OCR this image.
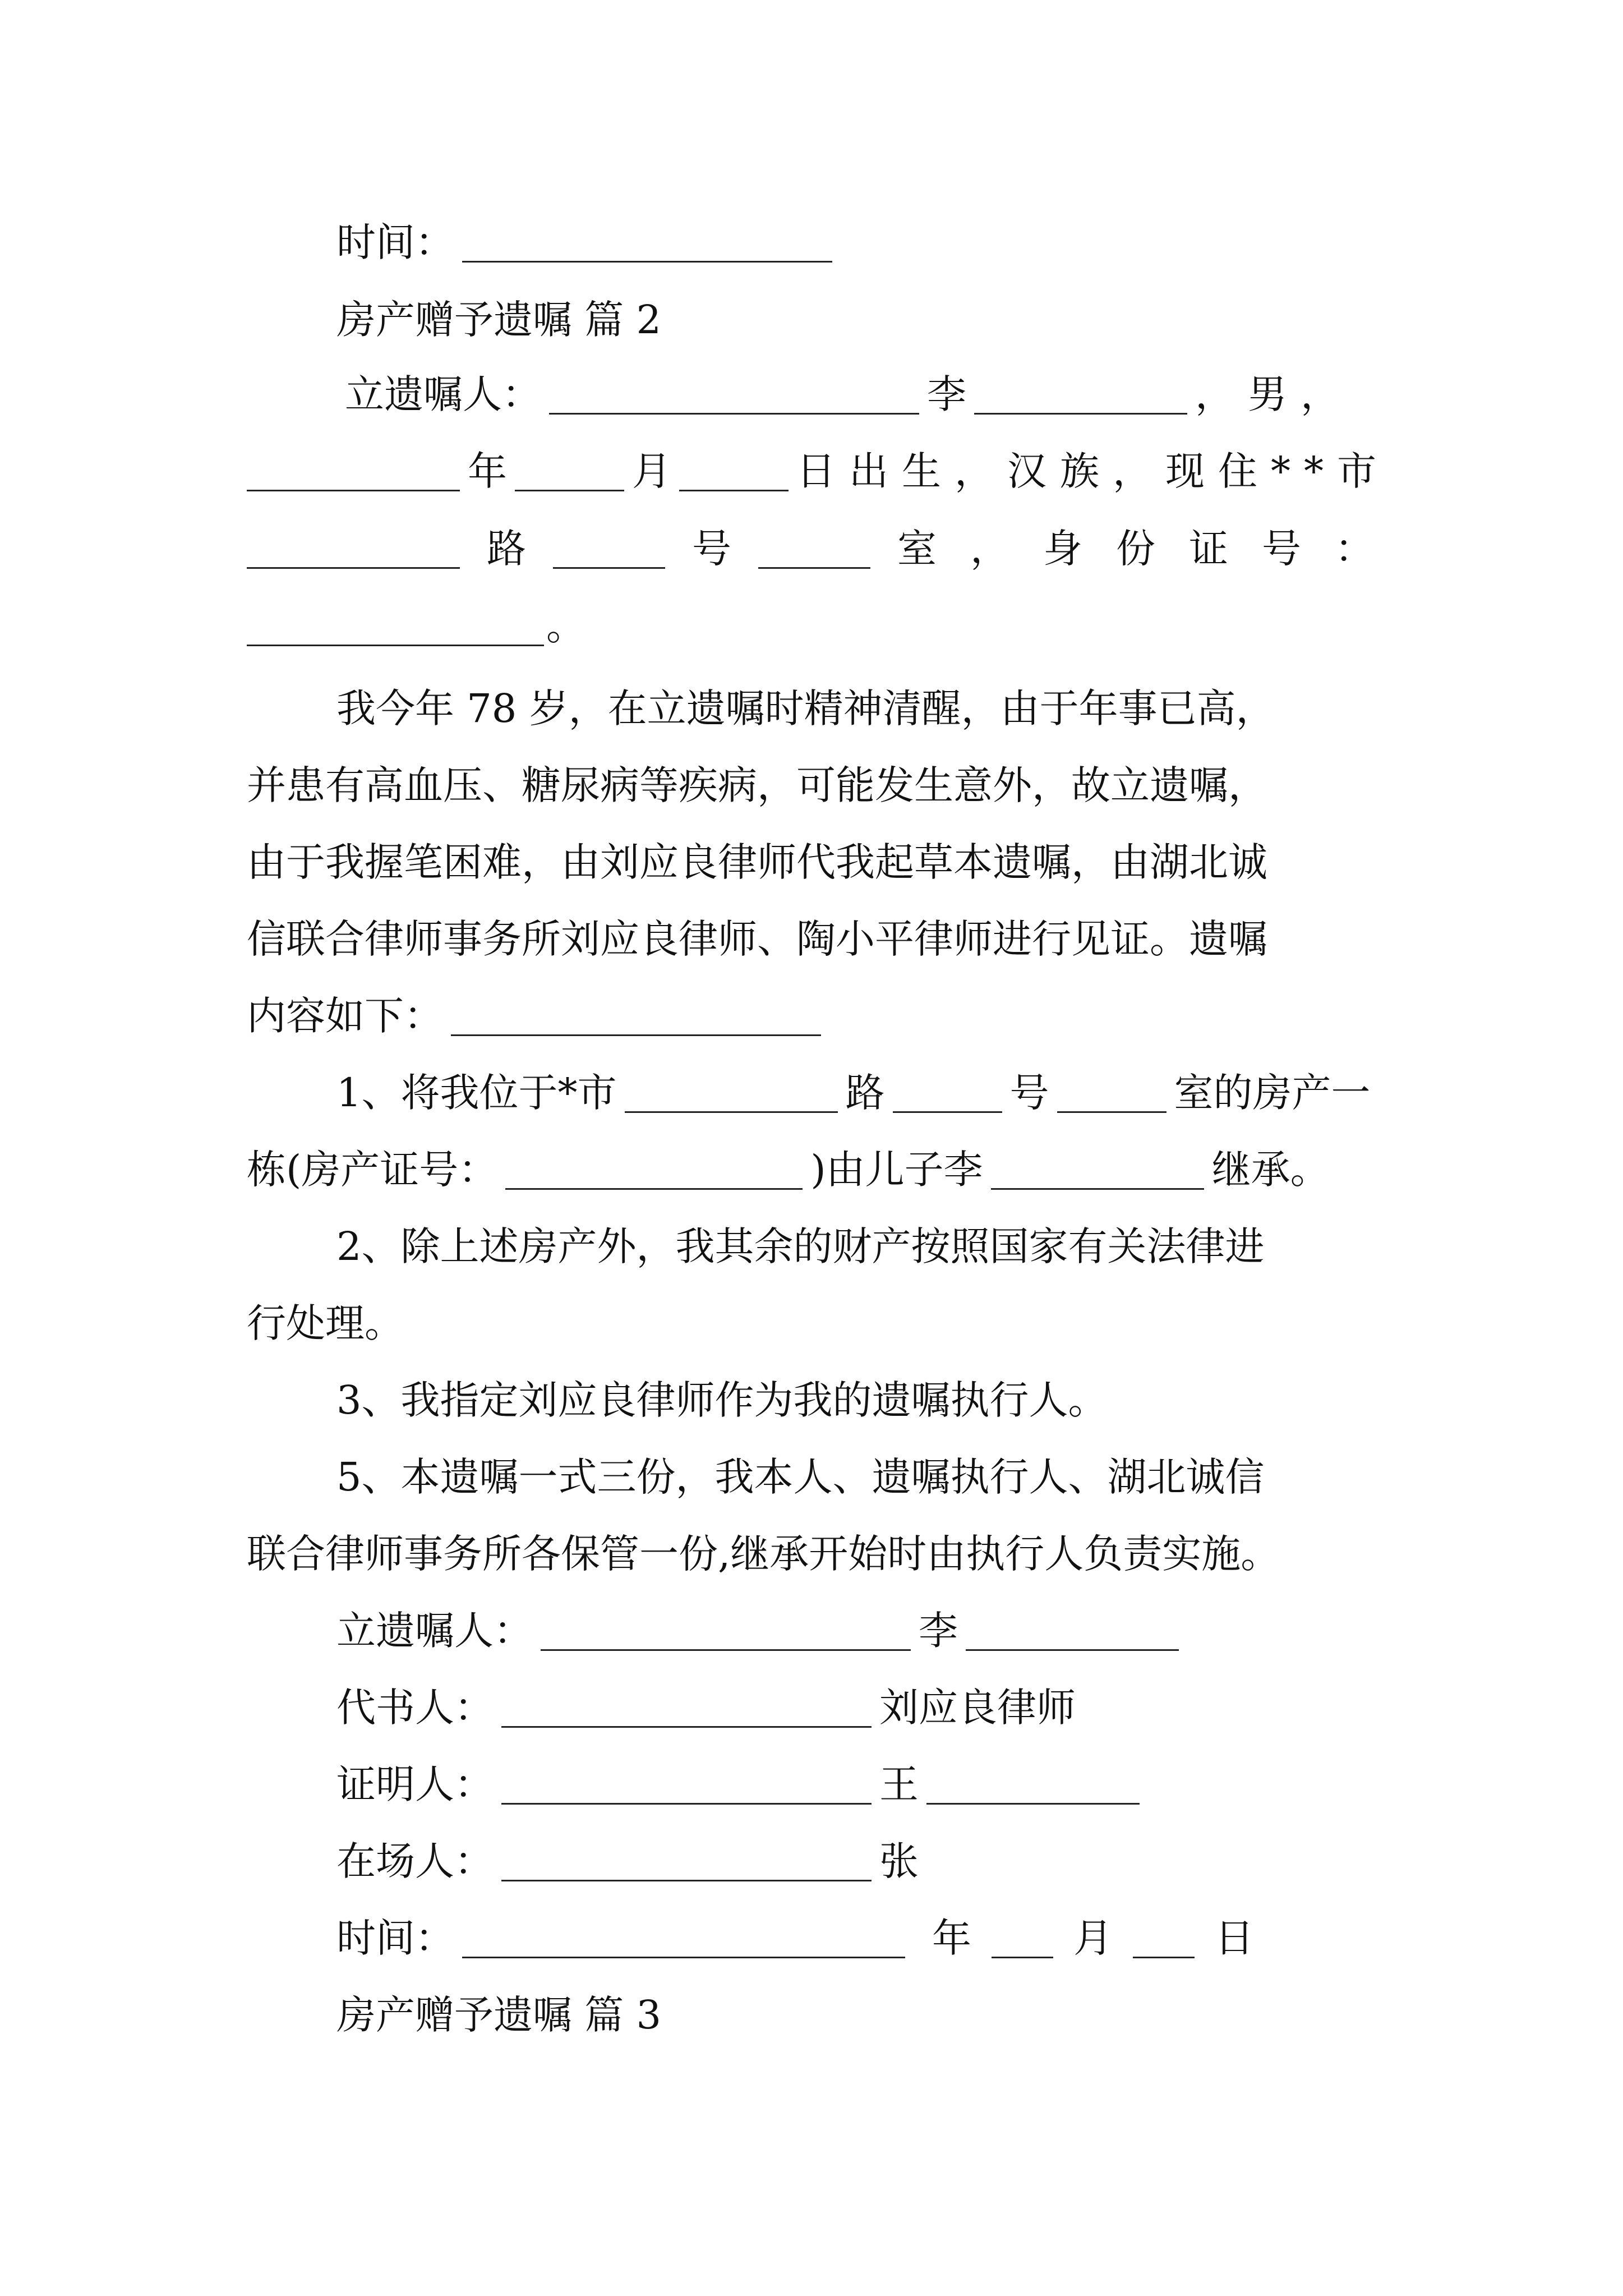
时间：
房产赠予遗嘱 篇 2
立遗嘱人：	李	，男，
年	月	日出生，汉族，现住**市
路	号	室， 身份证号：
。
我今年 78 岁，在立遗嘱时精神清醒，由于年事已高，
并患有高血压、糖尿病等疾病，可能发生意外，故立遗嘱，
由于我握笔困难，由刘应良律师代我起草本遗嘱，由湖北诚
信联合律师事务所刘应良律师、陶小平律师进行见证。遗嘱
内容如下：
1、将我位于*市	路	号	室的房产一
栋(房产证号：	)由儿子李	继承。
2、除上述房产外，我其余的财产按照国家有关法律进
行处理。
3、我指定刘应良律师作为我的遗嘱执行人。
5、本遗嘱一式三份，我本人、遗嘱执行人、湖北诚信
联合律师事务所各保管一份,继承开始时由执行人负责实施。
立遗嘱人：	李
代书人：	刘应良律师
证明人：	王
在场人：	张
时间：	年	月	日
房产赠予遗嘱 篇 3
